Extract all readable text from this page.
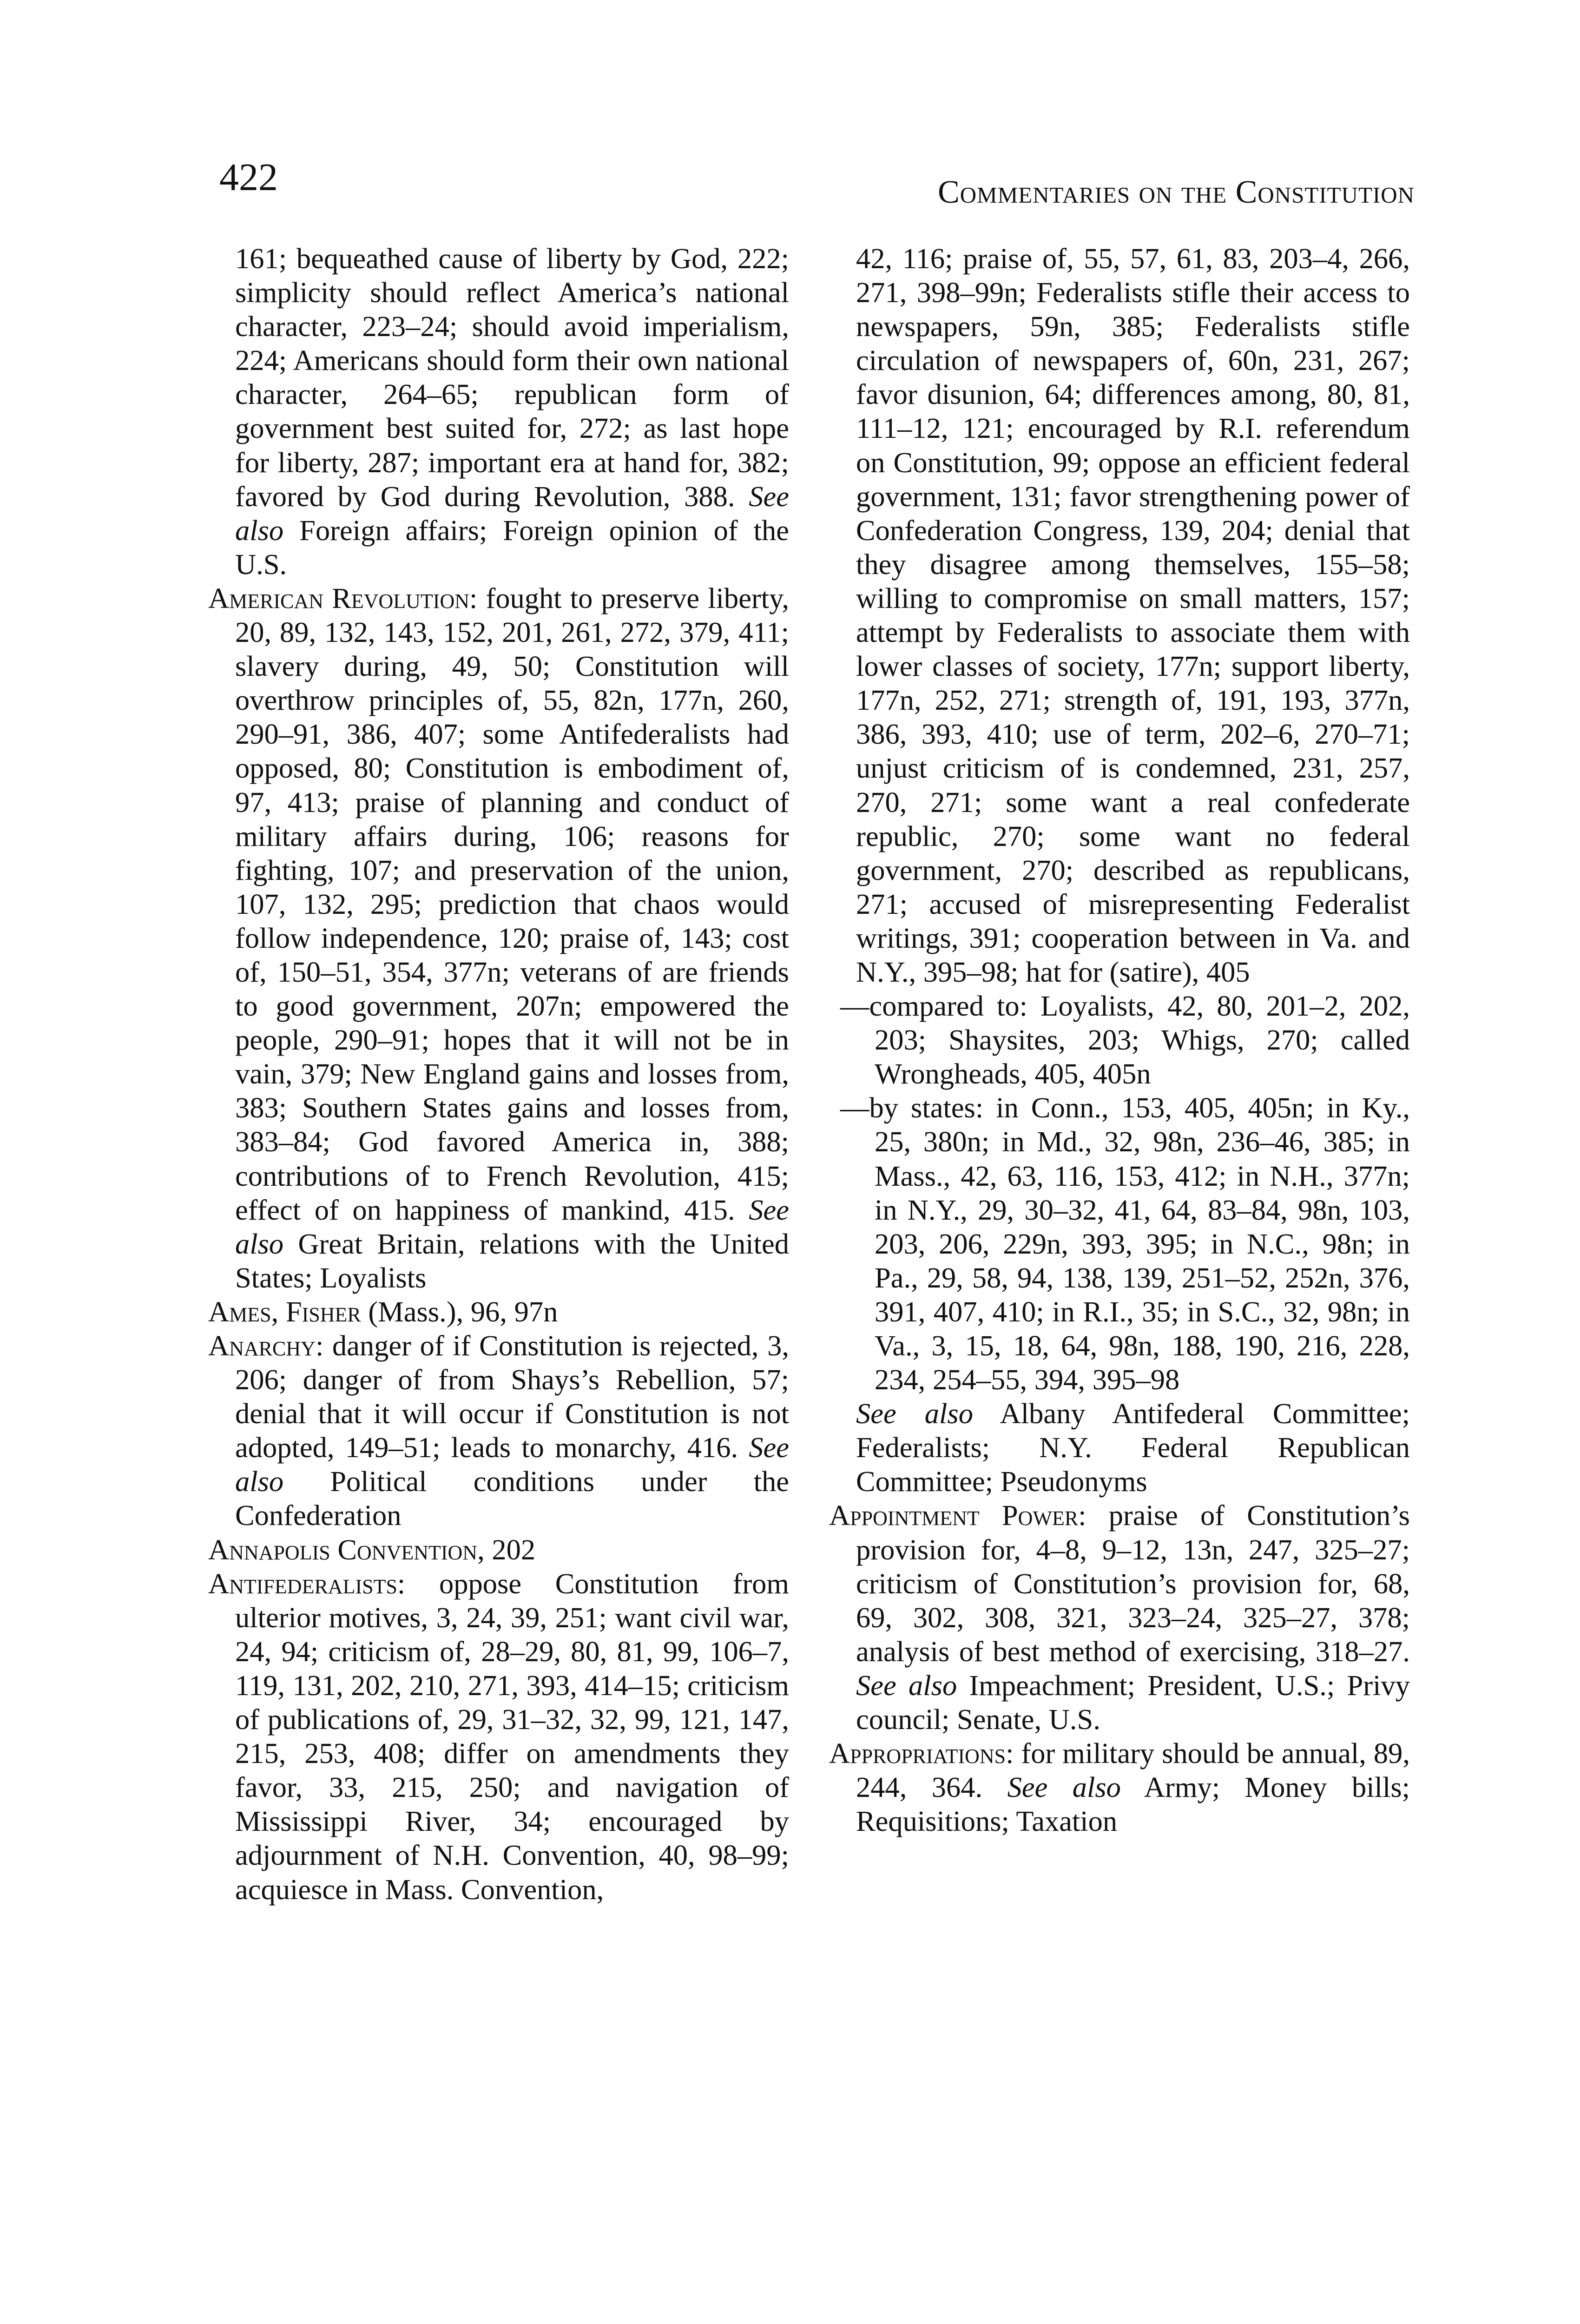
422	Commentaries on the Constitution

161; bequeathed cause of liberty by God, 222; simplicity should reflect America’s national character, 223–24; should avoid imperialism, 224; Americans should form their own national character, 264–65; republican form of government best suited for, 272; as last hope for liberty, 287; important era at hand for, 382; favored by God during Revolution, 388. See also Foreign affairs; Foreign opinion of the U.S.

American Revolution: fought to preserve liberty, 20, 89, 132, 143, 152, 201, 261, 272, 379, 411; slavery during, 49, 50; Constitution will overthrow principles of, 55, 82n, 177n, 260, 290–91, 386, 407; some Antifederalists had opposed, 80; Constitution is embodiment of, 97, 413; praise of planning and conduct of military affairs during, 106; reasons for fighting, 107; and preservation of the union, 107, 132, 295; prediction that chaos would follow independence, 120; praise of, 143; cost of, 150–51, 354, 377n; veterans of are friends to good government, 207n; empowered the people, 290–91; hopes that it will not be in vain, 379; New England gains and losses from, 383; Southern States gains and losses from, 383–84; God favored America in, 388; contributions of to French Revolution, 415; effect of on happiness of mankind, 415. See also Great Britain, relations with the United States; Loyalists

Ames, Fisher (Mass.), 96, 97n

Anarchy: danger of if Constitution is rejected, 3, 206; danger of from Shays’s Rebellion, 57; denial that it will occur if Constitution is not adopted, 149–51; leads to monarchy, 416. See also Political conditions under the Confederation

Annapolis Convention, 202

Antifederalists: oppose Constitution from ulterior motives, 3, 24, 39, 251; want civil war, 24, 94; criticism of, 28–29, 80, 81, 99, 106–7, 119, 131, 202, 210, 271, 393, 414–15; criticism of publications of, 29, 31–32, 32, 99, 121, 147, 215, 253, 408; differ on amendments they favor, 33, 215, 250; and navigation of Mississippi River, 34; encouraged by adjournment of N.H. Convention, 40, 98–99; acquiesce in Mass. Convention,

42, 116; praise of, 55, 57, 61, 83, 203–4, 266, 271, 398–99n; Federalists stifle their access to newspapers, 59n, 385; Federalists stifle circulation of newspapers of, 60n, 231, 267; favor disunion, 64; differences among, 80, 81, 111–12, 121; encouraged by R.I. referendum on Constitution, 99; oppose an efficient federal government, 131; favor strengthening power of Confederation Congress, 139, 204; denial that they disagree among themselves, 155–58; willing to compromise on small matters, 157; attempt by Federalists to associate them with lower classes of society, 177n; support liberty, 177n, 252, 271; strength of, 191, 193, 377n, 386, 393, 410; use of term, 202–6, 270–71; unjust criticism of is condemned, 231, 257, 270, 271; some want a real confederate republic, 270; some want no federal government, 270; described as republicans, 271; accused of misrepresenting Federalist writings, 391; cooperation between in Va. and N.Y., 395–98; hat for (satire), 405

—compared to: Loyalists, 42, 80, 201–2, 202, 203; Shaysites, 203; Whigs, 270; called Wrongheads, 405, 405n

—by states: in Conn., 153, 405, 405n; in Ky., 25, 380n; in Md., 32, 98n, 236–46, 385; in Mass., 42, 63, 116, 153, 412; in N.H., 377n; in N.Y., 29, 30–32, 41, 64, 83–84, 98n, 103, 203, 206, 229n, 393, 395; in N.C., 98n; in Pa., 29, 58, 94, 138, 139, 251–52, 252n, 376, 391, 407, 410; in R.I., 35; in S.C., 32, 98n; in Va., 3, 15, 18, 64, 98n, 188, 190, 216, 228, 234, 254–55, 394, 395–98

See also Albany Antifederal Committee; Federalists; N.Y. Federal Republican Committee; Pseudonyms

Appointment Power: praise of Constitution’s provision for, 4–8, 9–12, 13n, 247, 325–27; criticism of Constitution’s provision for, 68, 69, 302, 308, 321, 323–24, 325–27, 378; analysis of best method of exercising, 318–27. See also Impeachment; President, U.S.; Privy council; Senate, U.S.

Appropriations: for military should be annual, 89, 244, 364. See also Army; Money bills; Requisitions; Taxation
